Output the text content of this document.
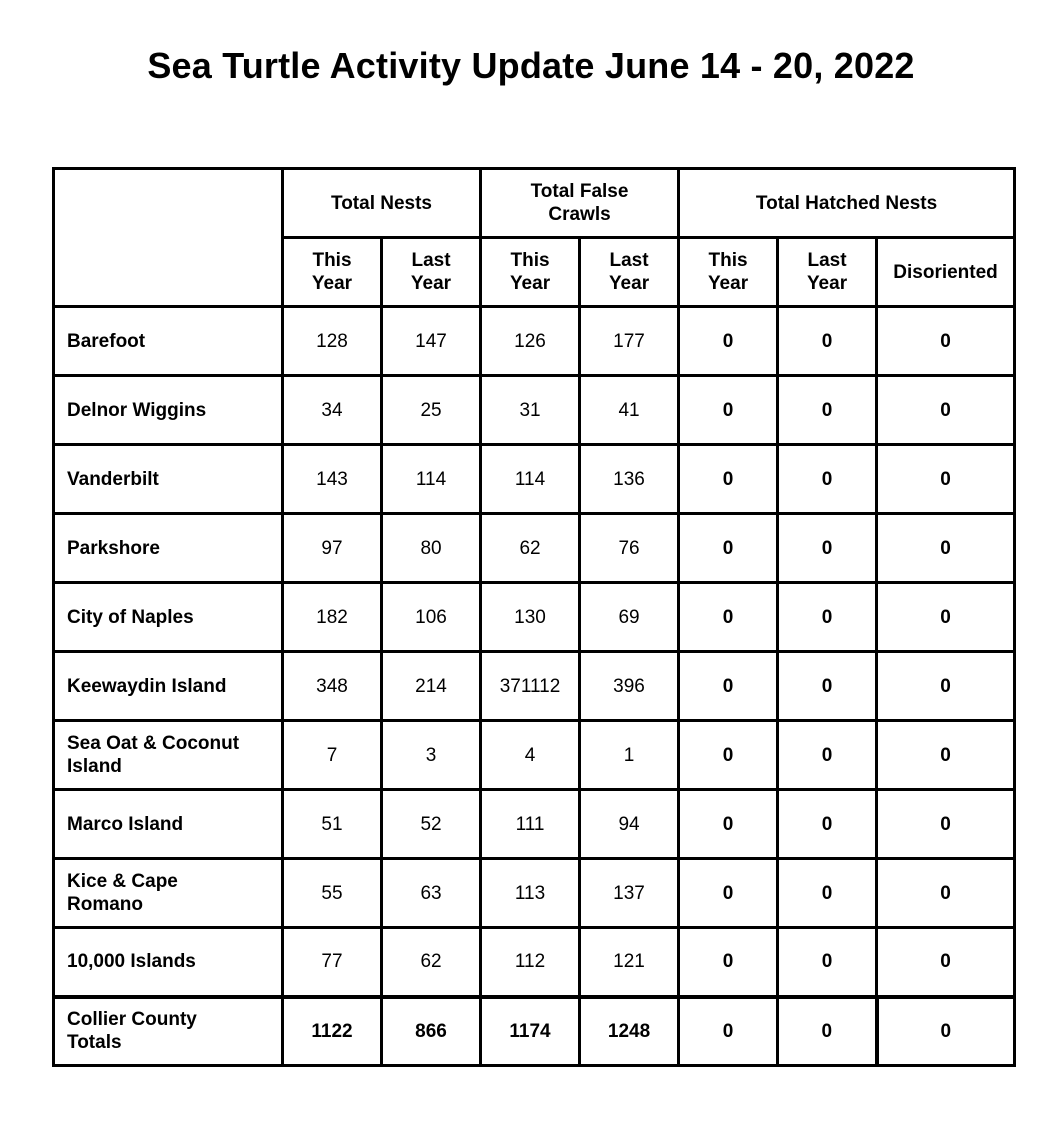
Sea Turtle Activity Update June 14 - 20, 2022
	Total Nests		Total False Crawls		Total Hatched Nests		
	This Year	Last Year	This Year	Last Year	This Year	Last Year	Disoriented
Barefoot	128	147	126	177	0	0	0
Delnor Wiggins	34	25	31	41	0	0	0
Vanderbilt	143	114	114	136	0	0	0
Parkshore	97	80	62	76	0	0	0
City of Naples	182	106	130	69	0	0	0
Keewaydin Island	348	214	371112	396	0	0	0
Sea Oat & Coconut Island	7	3	4	1	0	0	0
Marco Island	51	52	111	94	0	0	0
Kice & Cape Romano	55	63	113	137	0	0	0
10,000 Islands	77	62	112	121	0	0	0
Collier County Totals	1122	866	1174	1248	0	0	0
